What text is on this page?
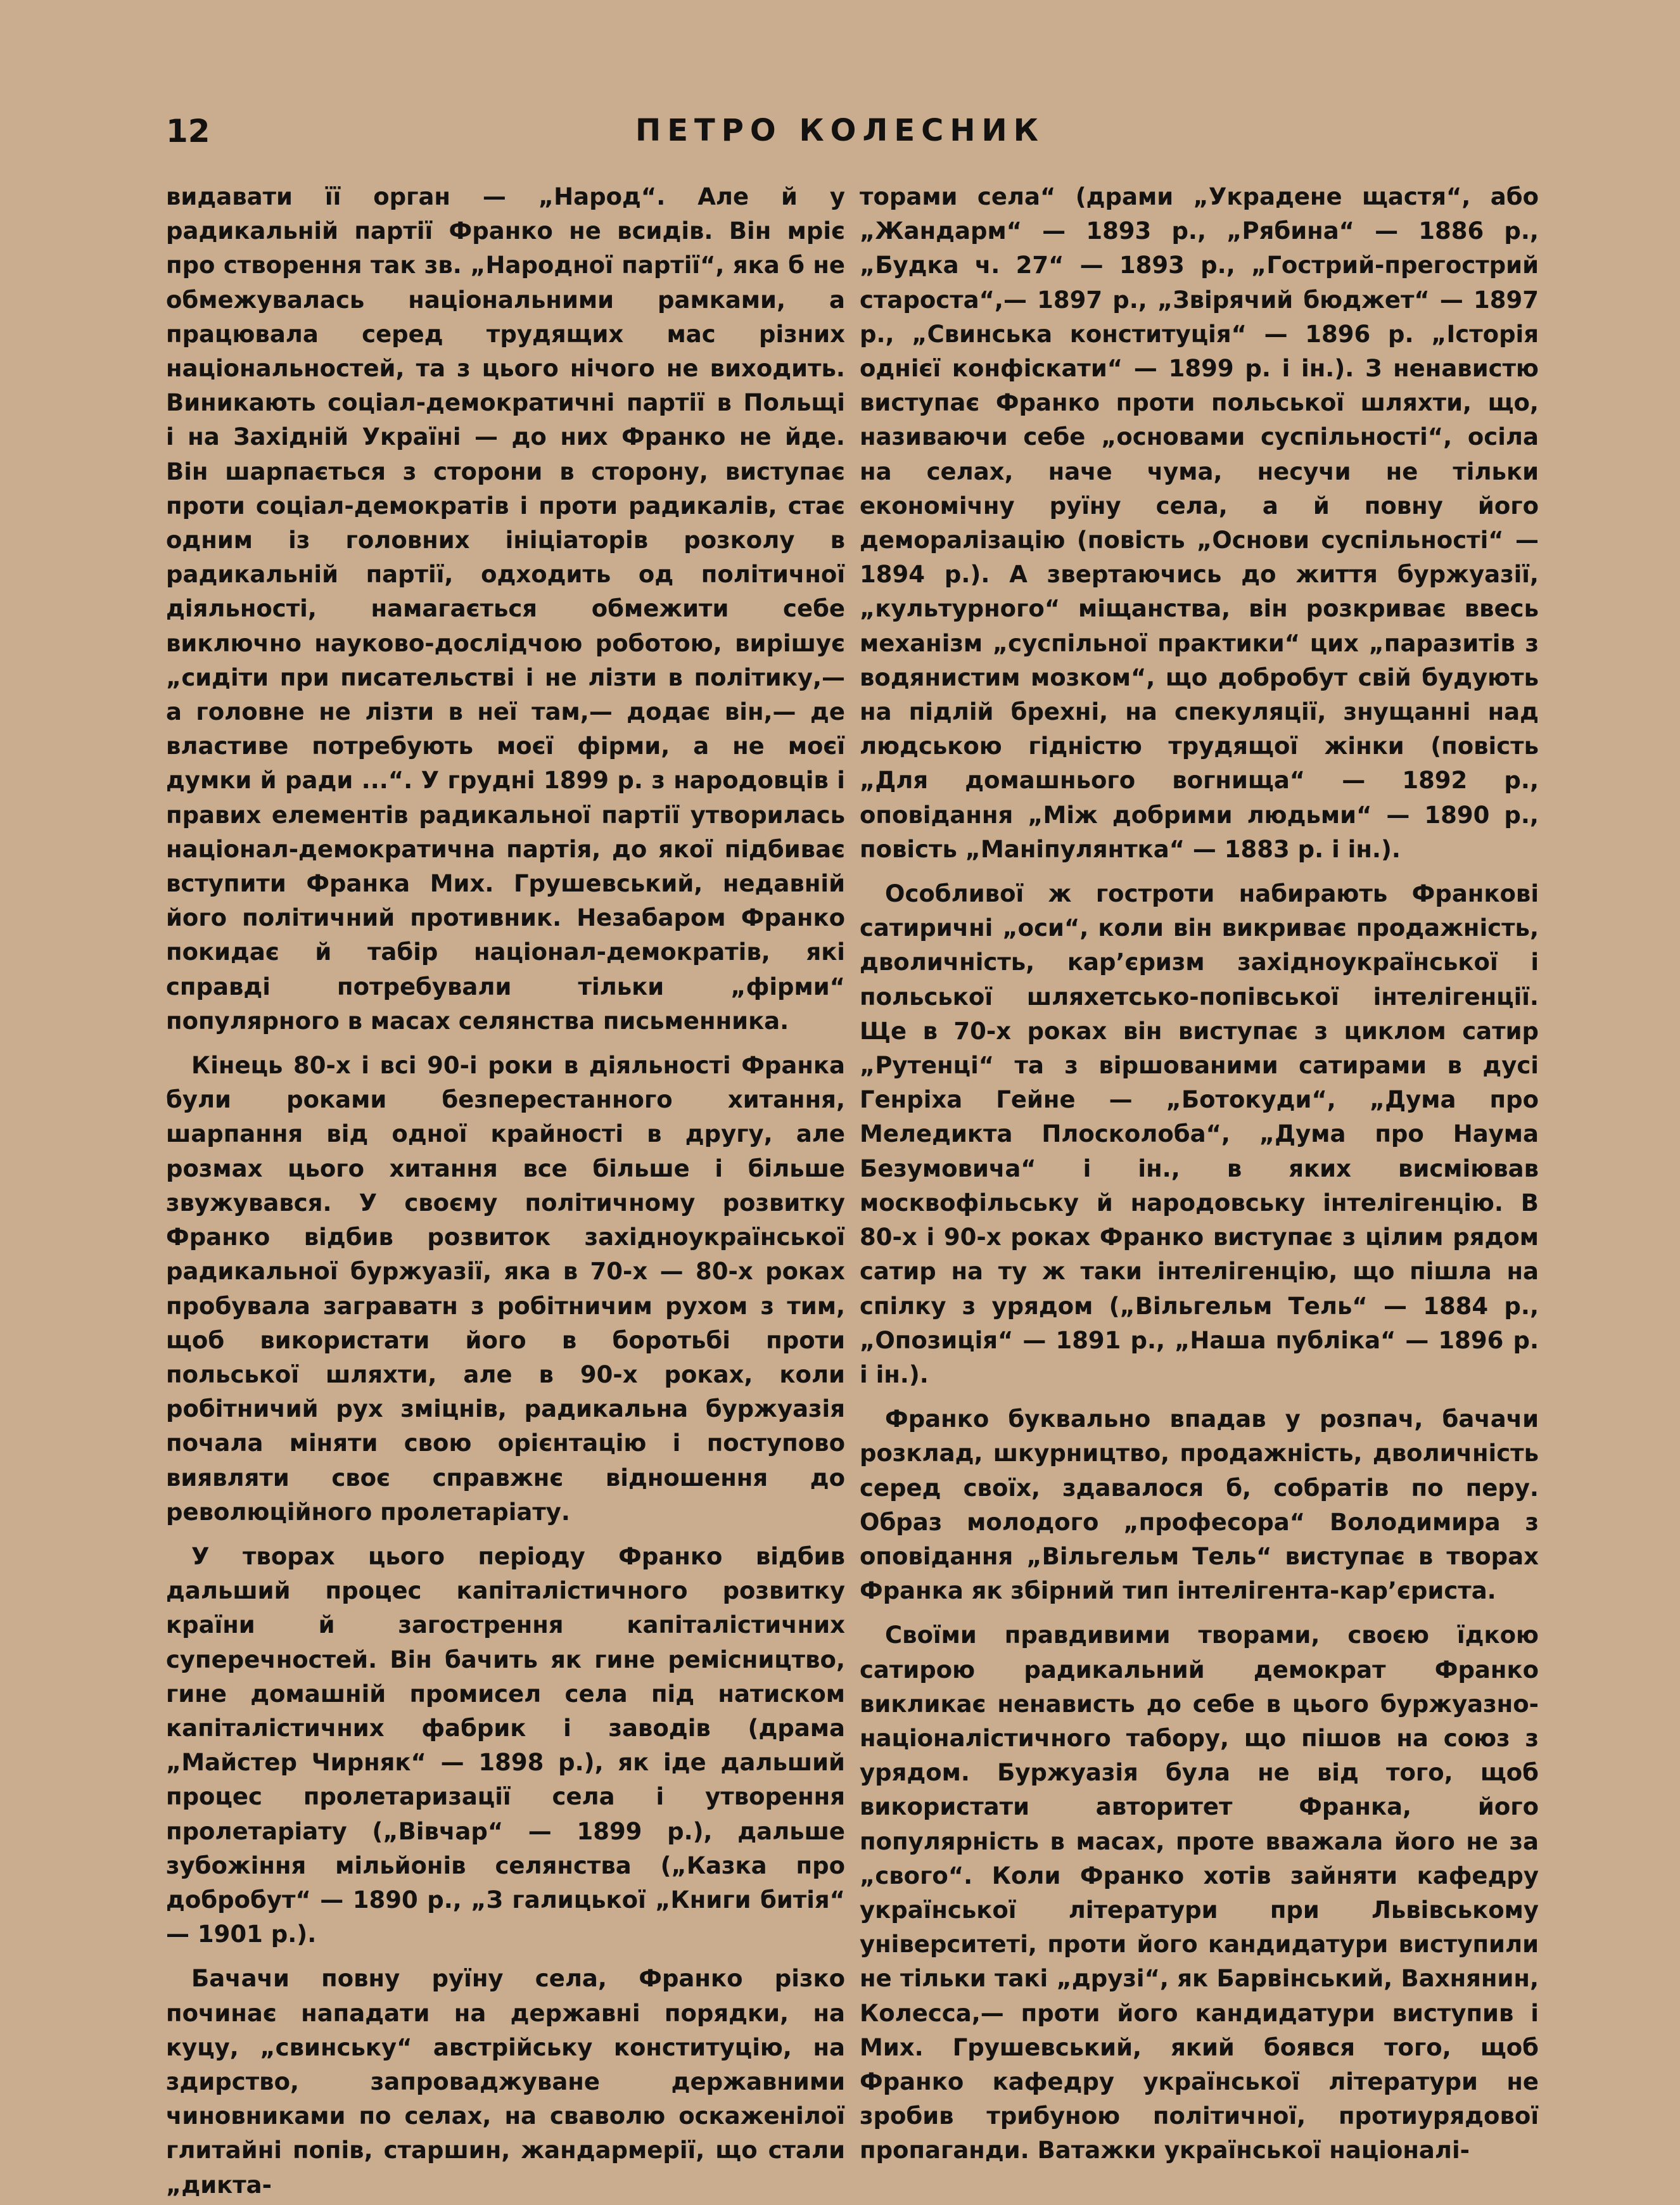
12	ПЕТРО КОЛЕСНИК

видавати її орган — „Народ“. Але й у радикальній партії Франко не всидів. Він мріє про створення так зв. „Народної партії“, яка б не обмежувалась національними рамками, а працювала серед трудящих мас різних національностей, та з цього нічого не виходить. Виникають соціал-демократичні партії в Польщі і на Західній Україні — до них Франко не йде. Він шарпається з сторони в сторону, виступає проти соціал-демократів і проти радикалів, стає одним із головних ініціаторів розколу в радикальній партії, одходить од політичної діяльності, намагається обмежити себе виключно науково-дослідчою роботою, вирішує „сидіти при писательстві і не лізти в політику,— а головне не лізти в неї там,— додає він,— де властиве потребують моєї фірми, а не моєї думки й ради ...“. У грудні 1899 р. з народовців і правих елементів радикальної партії утворилась націонал-демократична партія, до якої підбиває вступити Франка Мих. Грушевський, недавній його політичний противник. Незабаром Франко покидає й табір націонал-демократів, які справді потребували тільки „фірми“ популярного в масах селянства письменника.

Кінець 80-х і всі 90-і роки в діяльності Франка були роками безперестанного хитання, шарпання від одної крайності в другу, але розмах цього хитання все більше і більше звужувався. У своєму політичному розвитку Франко відбив розвиток західноукраїнської радикальної буржуазії, яка в 70-х — 80-х роках пробувала заграватн з робітничим рухом з тим, щоб використати його в боротьбі проти польської шляхти, але в 90-х роках, коли робітничий рух зміцнів, радикальна буржуазія почала міняти свою орієнтацію і поступово виявляти своє справжнє відношення до революційного пролетаріату.

У творах цього періоду Франко відбив дальший процес капіталістичного розвитку країни й загострення капіталістичних суперечностей. Він бачить як гине ремісництво, гине домашній промисел села під натиском капіталістичних фабрик і заводів (драма „Майстер Чирняк“ — 1898 р.), як іде дальший процес пролетаризації села і утворення пролетаріату („Вівчар“ — 1899 р.), дальше зубожіння мільйонів селянства („Казка про добробут“ — 1890 р., „З галицької „Книги битія“ — 1901 р.).

Бачачи повну руїну села, Франко різко починає нападати на державні порядки, на куцу, „свинську“ австрійську конституцію, на здирство, запроваджуване державними чиновниками по селах, на сваволю оскаженілої глитайні попів, старшин, жандармерії, що стали „дикта-

торами села“ (драми „Украдене щастя“, або „Жандарм“ — 1893 р., „Рябина“ — 1886 р., „Будка ч. 27“ — 1893 р., „Гострий-прегострий староста“,— 1897 р., „Звірячий бюджет“ — 1897 р., „Свинська конституція“ — 1896 р. „Історія однієї конфіскати“ — 1899 р. і ін.). З ненавистю виступає Франко проти польської шляхти, що, називаючи себе „основами суспільності“, осіла на селах, наче чума, несучи не тільки економічну руїну села, а й повну його деморалізацію (повість „Основи суспільності“ — 1894 р.). А звертаючись до життя буржуазії, „культурного“ міщанства, він розкриває ввесь механізм „суспільної практики“ цих „паразитів з водянистим мозком“, що добробут свій будують на підлій брехні, на спекуляції, знущанні над людською гідністю трудящої жінки (повість „Для домашнього вогнища“ — 1892 р., оповідання „Між добрими людьми“ — 1890 р., повість „Маніпулянтка“ — 1883 р. і ін.).

Особливої ж гостроти набирають Франкові сатиричні „оси“, коли він викриває продажність, дволичність, кар’єризм західноукраїнської і польської шляхетсько-попівської інтелігенції. Ще в 70-х роках він виступає з циклом сатир „Рутенці“ та з віршованими сатирами в дусі Генріха Гейне — „Ботокуди“, „Дума про Меледикта Плосколоба“, „Дума про Наума Безумовича“ і ін., в яких висміював москвофільську й народовську інтелігенцію. В 80-х і 90-х роках Франко виступає з цілим рядом сатир на ту ж таки інтелігенцію, що пішла на спілку з урядом („Вільгельм Тель“ — 1884 р., „Опозиція“ — 1891 р., „Наша публіка“ — 1896 р. і ін.).

Франко буквально впадав у розпач, бачачи розклад, шкурництво, продажність, дволичність серед своїх, здавалося б, собратів по перу. Образ молодого „професора“ Володимира з оповідання „Вільгельм Тель“ виступає в творах Франка як збірний тип інтелігента-кар’єриста.

Своїми правдивими творами, своєю їдкою сатирою радикальний демократ Франко викликає ненависть до себе в цього буржуазно-націоналістичного табору, що пішов на союз з урядом. Буржуазія була не від того, щоб використати авторитет Франка, його популярність в масах, проте вважала його не за „свого“. Коли Франко хотів зайняти кафедру української літератури при Львівському університеті, проти його кандидатури виступили не тільки такі „друзі“, як Барвінський, Вахнянин, Колесса,— проти його кандидатури виступив і Мих. Грушевський, який боявся того, щоб Франко кафедру української літератури не зробив трибуною політичної, протиурядової пропаганди. Ватажки української націоналі-
